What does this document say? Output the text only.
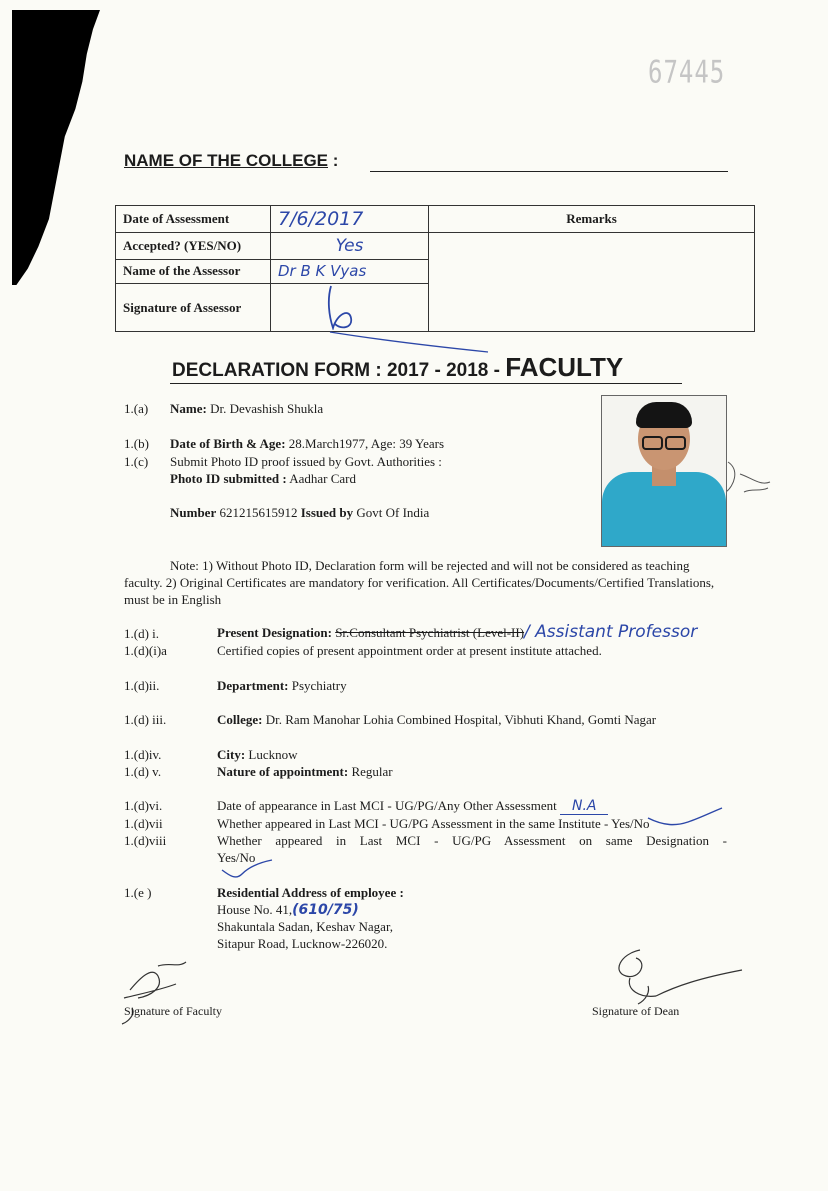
67445
NAME OF THE COLLEGE :
Date of Assessment	7/6/2017	Remarks
Accepted? (YES/NO)	Yes	
Name of the Assessor	Dr B K Vyas	
Signature of Assessor	
DECLARATION FORM : 2017 - 2018 - FACULTY
1.(a) Name: Dr. Devashish Shukla
1.(b) Date of Birth & Age: 28.March1977, Age: 39 Years
1.(c) Submit Photo ID proof issued by Govt. Authorities :
Photo ID submitted : Aadhar Card
Number 621215615912 Issued by Govt Of India
Note: 1) Without Photo ID, Declaration form will be rejected and will not be considered as teaching faculty. 2) Original Certificates are mandatory for verification. All Certificates/Documents/Certified Translations, must be in English
1.(d) i.	Present Designation: Sr.Consultant Psychiatrist (Level-II)/ Assistant Professor
1.(d)(i)a	Certified copies of present appointment order at present institute attached.
1.(d)ii.	Department: Psychiatry
1.(d) iii.	College: Dr. Ram Manohar Lohia Combined Hospital, Vibhuti Khand, Gomti Nagar
1.(d)iv.	City: Lucknow
1.(d) v.	Nature of appointment: Regular
1.(d)vi.	Date of appearance in Last MCI - UG/PG/Any Other Assessment N.A
1.(d)vii	Whether appeared in Last MCI - UG/PG Assessment in the same Institute - Yes/No
1.(d)viii	Whether appeared in Last MCI - UG/PG Assessment on same Designation -
Yes/No
1.(e )	Residential Address of employee :
House No. 41,(610/75)
Shakuntala Sadan, Keshav Nagar,
Sitapur Road, Lucknow-226020.
Signature of Faculty	Signature of Dean
